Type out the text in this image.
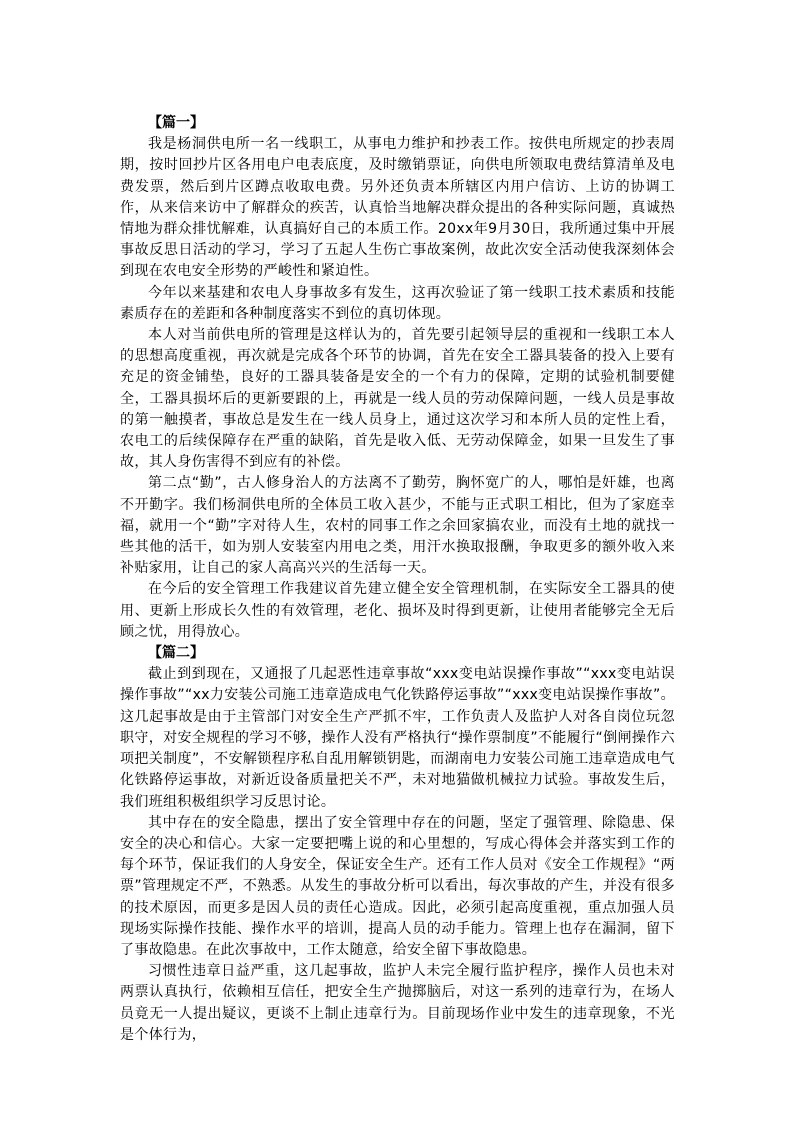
【篇一】

我是杨洞供电所一名一线职工，从事电力维护和抄表工作。按供电所规定的抄表周期，按时回抄片区各用电户电表底度，及时缴销票证，向供电所领取电费结算清单及电费发票，然后到片区蹲点收取电费。另外还负责本所辖区内用户信访、上访的协调工作，从来信来访中了解群众的疾苦，认真恰当地解决群众提出的各种实际问题，真诚热情地为群众排忧解难，认真搞好自己的本质工作。20xx年9月30日，我所通过集中开展事故反思日活动的学习，学习了五起人生伤亡事故案例，故此次安全活动使我深刻体会到现在农电安全形势的严峻性和紧迫性。

今年以来基建和农电人身事故多有发生，这再次验证了第一线职工技术素质和技能素质存在的差距和各种制度落实不到位的真切体现。

本人对当前供电所的管理是这样认为的，首先要引起领导层的重视和一线职工本人的思想高度重视，再次就是完成各个环节的协调，首先在安全工器具装备的投入上要有充足的资金铺垫，良好的工器具装备是安全的一个有力的保障，定期的试验机制要健全，工器具损坏后的更新要跟的上，再就是一线人员的劳动保障问题，一线人员是事故的第一触摸者，事故总是发生在一线人员身上，通过这次学习和本所人员的定性上看，农电工的后续保障存在严重的缺陷，首先是收入低、无劳动保障金，如果一旦发生了事故，其人身伤害得不到应有的补偿。

第二点“勤”，古人修身治人的方法离不了勤劳，胸怀宽广的人，哪怕是奸雄，也离不开勤字。我们杨洞供电所的全体员工收入甚少，不能与正式职工相比，但为了家庭幸福，就用一个“勤”字对待人生，农村的同事工作之余回家搞农业，而没有土地的就找一些其他的活干，如为别人安装室内用电之类，用汗水换取报酬，争取更多的额外收入来补贴家用，让自己的家人高高兴兴的生活每一天。

在今后的安全管理工作我建议首先建立健全安全管理机制，在实际安全工器具的使用、更新上形成长久性的有效管理，老化、损坏及时得到更新，让使用者能够完全无后顾之忧，用得放心。

【篇二】

截止到到现在，又通报了几起恶性违章事故“xxx变电站误操作事故”“xxx变电站误操作事故”“xx力安装公司施工违章造成电气化铁路停运事故”“xxx变电站误操作事故”。这几起事故是由于主管部门对安全生产严抓不牢，工作负责人及监护人对各自岗位玩忽职守，对安全规程的学习不够，操作人没有严格执行“操作票制度”不能履行“倒闸操作六项把关制度”，不安解锁程序私自乱用解锁钥匙，而湖南电力安装公司施工违章造成电气化铁路停运事故，对新近设备质量把关不严，未对地猫做机械拉力试验。事故发生后，我们班组积极组织学习反思讨论。

其中存在的安全隐患，摆出了安全管理中存在的问题，坚定了强管理、除隐患、保安全的决心和信心。大家一定要把嘴上说的和心里想的，写成心得体会并落实到工作的每个环节，保证我们的人身安全，保证安全生产。还有工作人员对《安全工作规程》“两票”管理规定不严，不熟悉。从发生的事故分析可以看出，每次事故的产生，并没有很多的技术原因，而更多是因人员的责任心造成。因此，必须引起高度重视，重点加强人员现场实际操作技能、操作水平的培训，提高人员的动手能力。管理上也存在漏洞，留下了事故隐患。在此次事故中，工作太随意，给安全留下事故隐患。

习惯性违章日益严重，这几起事故，监护人未完全履行监护程序，操作人员也未对两票认真执行，依赖相互信任，把安全生产抛掷脑后，对这一系列的违章行为，在场人员竟无一人提出疑议，更谈不上制止违章行为。目前现场作业中发生的违章现象，不光是个体行为，
